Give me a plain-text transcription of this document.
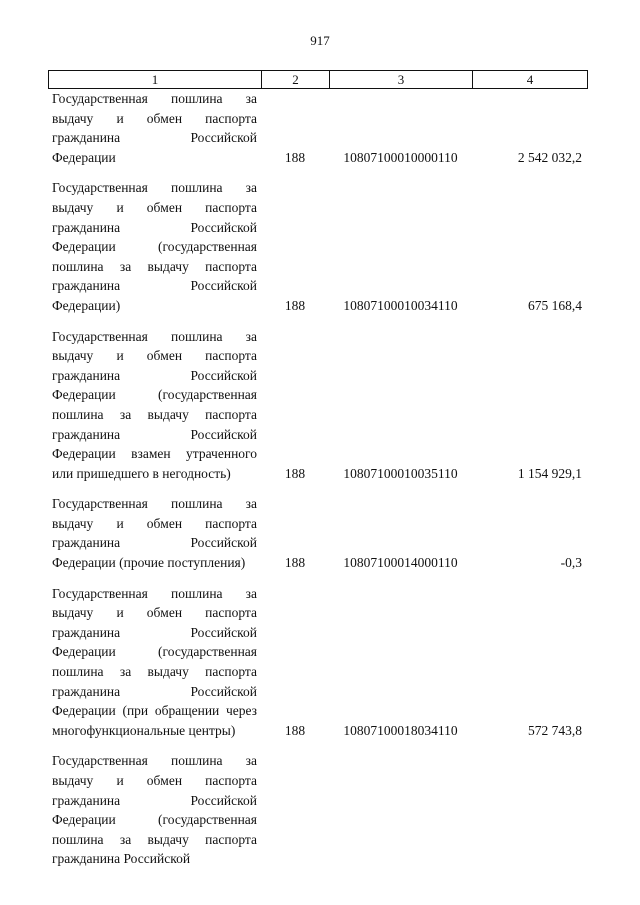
917
1	2	3	4
Государственная пошлина за выдачу и обмен паспорта гражданина Российской Федерации	188	10807100010000110	2 542 032,2
Государственная пошлина за выдачу и обмен паспорта гражданина Российской Федерации (государственная пошлина за выдачу паспорта гражданина Российской Федерации)	188	10807100010034110	675 168,4
Государственная пошлина за выдачу и обмен паспорта гражданина Российской Федерации (государственная пошлина за выдачу паспорта гражданина Российской Федерации взамен утраченного или пришедшего в негодность)	188	10807100010035110	1 154 929,1
Государственная пошлина за выдачу и обмен паспорта гражданина Российской Федерации (прочие поступления)	188	10807100014000110	-0,3
Государственная пошлина за выдачу и обмен паспорта гражданина Российской Федерации (государственная пошлина за выдачу паспорта гражданина Российской Федерации (при обращении через многофункциональные центры)	188	10807100018034110	572 743,8
Государственная пошлина за выдачу и обмен паспорта гражданина Российской Федерации (государственная пошлина за выдачу паспорта гражданина Российской
